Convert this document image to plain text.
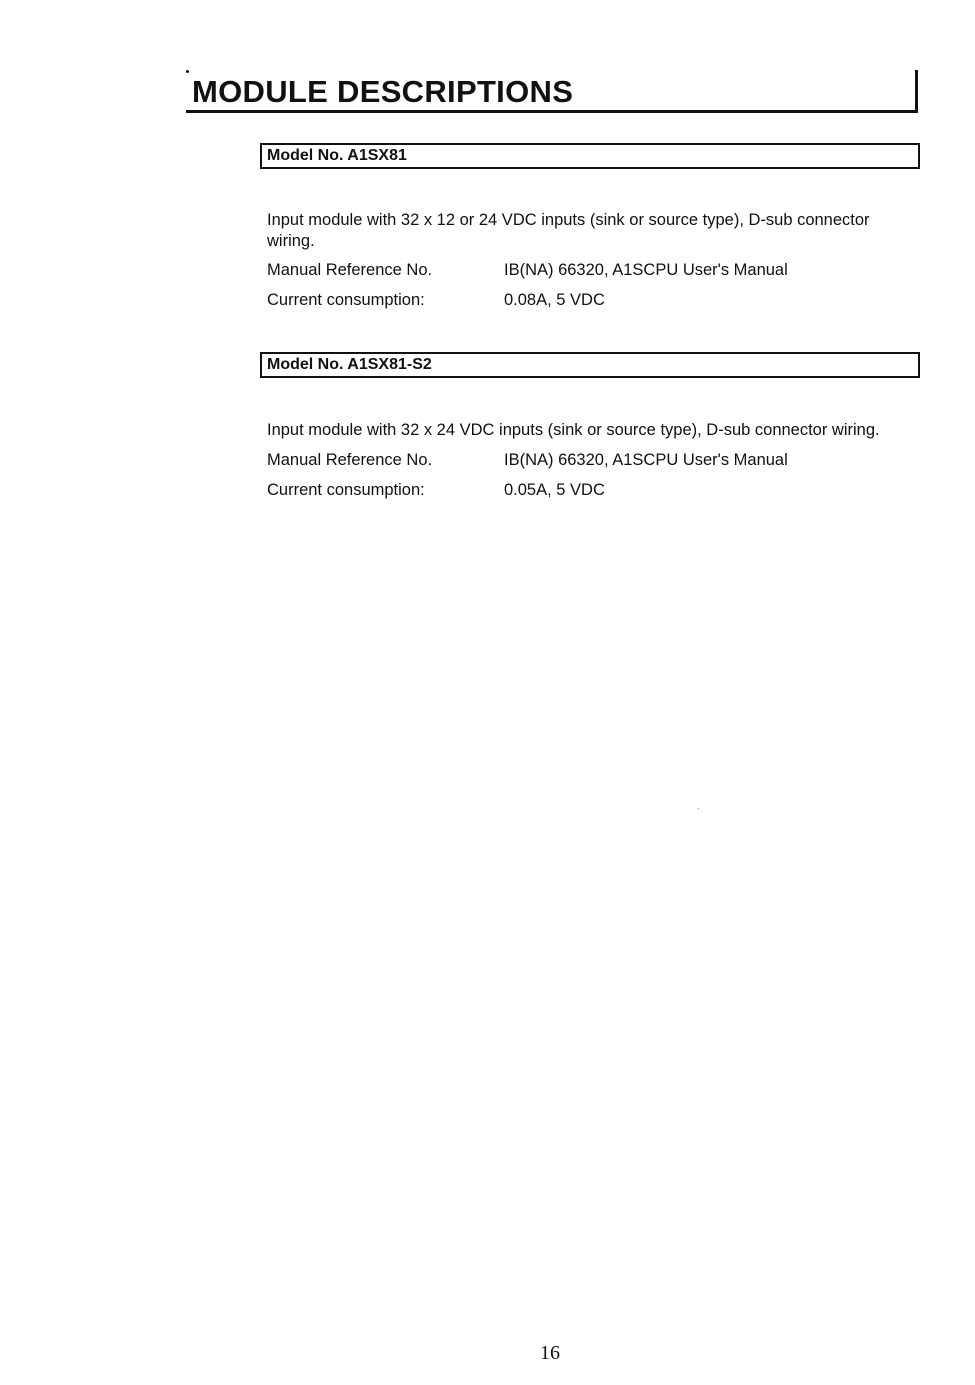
MODULE DESCRIPTIONS
Model No. A1SX81

Input module with 32 x 12 or 24 VDC inputs (sink or source type), D-sub connector wiring.

Manual Reference No.	IB(NA) 66320, A1SCPU User's Manual
Current consumption:	0.08A, 5 VDC
Model No. A1SX81-S2

Input module with 32 x 24 VDC inputs (sink or source type), D-sub connector wiring.

Manual Reference No.	IB(NA) 66320, A1SCPU User's Manual
Current consumption:	0.05A, 5 VDC
16
